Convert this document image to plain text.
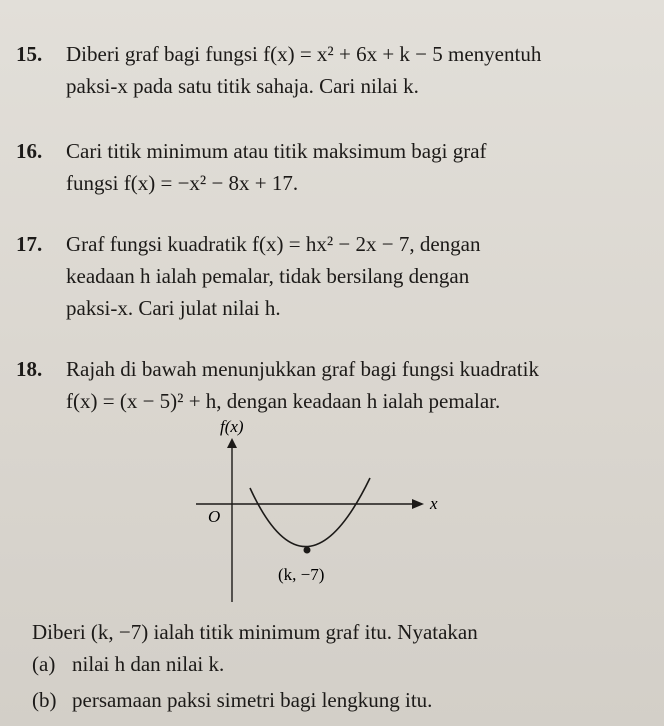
15. Diberi graf bagi fungsi f(x) = x² + 6x + k − 5 menyentuh
paksi-x pada satu titik sahaja. Cari nilai k.
16. Cari titik minimum atau titik maksimum bagi graf
fungsi f(x) = −x² − 8x + 17.
17. Graf fungsi kuadratik f(x) = hx² − 2x − 7, dengan
keadaan h ialah pemalar, tidak bersilang dengan
paksi-x. Cari julat nilai h.
18. Rajah di bawah menunjukkan graf bagi fungsi kuadratik
f(x) = (x − 5)² + h, dengan keadaan h ialah pemalar.
f(x)
x
O
(k, −7)
Diberi (k, −7) ialah titik minimum graf itu. Nyatakan
(a) nilai h dan nilai k.
(b) persamaan paksi simetri bagi lengkung itu.
